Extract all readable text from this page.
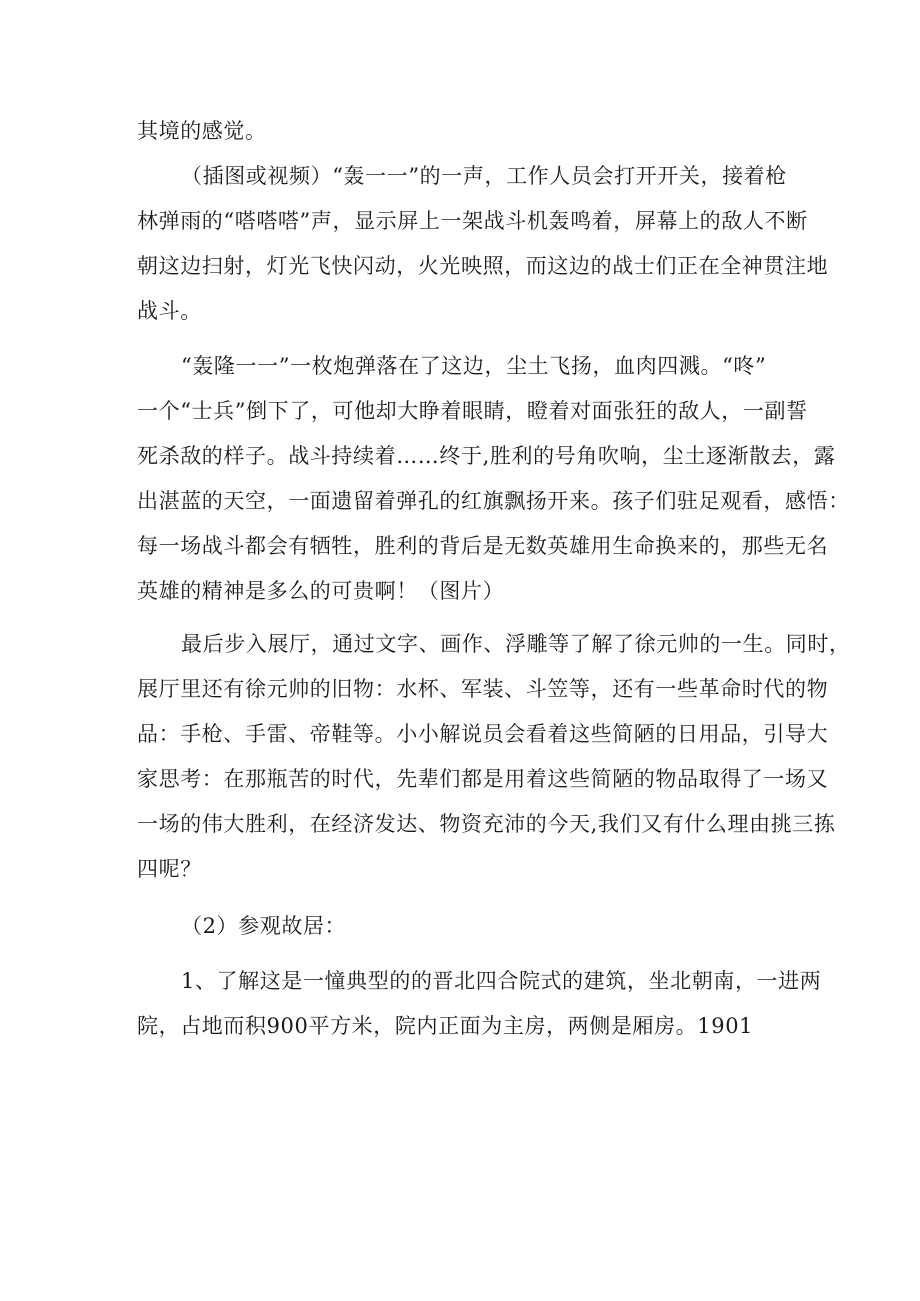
其境的感觉。
（插图或视频）“轰一一”的一声，工作人员会打开开关，接着枪
林弹雨的“嗒嗒嗒”声，显示屏上一架战斗机轰鸣着，屏幕上的敌人不断
朝这边扫射，灯光飞快闪动，火光映照，而这边的战士们正在全神贯注地
战斗。
“轰隆一一”一枚炮弹落在了这边，尘土飞扬，血肉四溅。“咚”
一个“士兵”倒下了，可他却大睁着眼睛，瞪着对面张狂的敌人，一副誓
死杀敌的样子。战斗持续着……终于,胜利的号角吹响，尘土逐渐散去，露
出湛蓝的天空，一面遗留着弹孔的红旗飘扬开来。孩子们驻足观看，感悟：
每一场战斗都会有牺牲，胜利的背后是无数英雄用生命换来的，那些无名
英雄的精神是多么的可贵啊！（图片）
最后步入展厅，通过文字、画作、浮雕等了解了徐元帅的一生。同时，
展厅里还有徐元帅的旧物：水杯、军装、斗笠等，还有一些革命时代的物
品：手枪、手雷、帝鞋等。小小解说员会看着这些简陋的日用品，引导大
家思考：在那瓶苦的时代，先辈们都是用着这些简陋的物品取得了一场又
一场的伟大胜利，在经济发达、物资充沛的今天,我们又有什么理由挑三拣
四呢？
（2）参观故居：
1、了解这是一憧典型的的晋北四合院式的建筑，坐北朝南，一进两
院，占地而积900平方米，院内正面为主房，两侧是厢房。1901
